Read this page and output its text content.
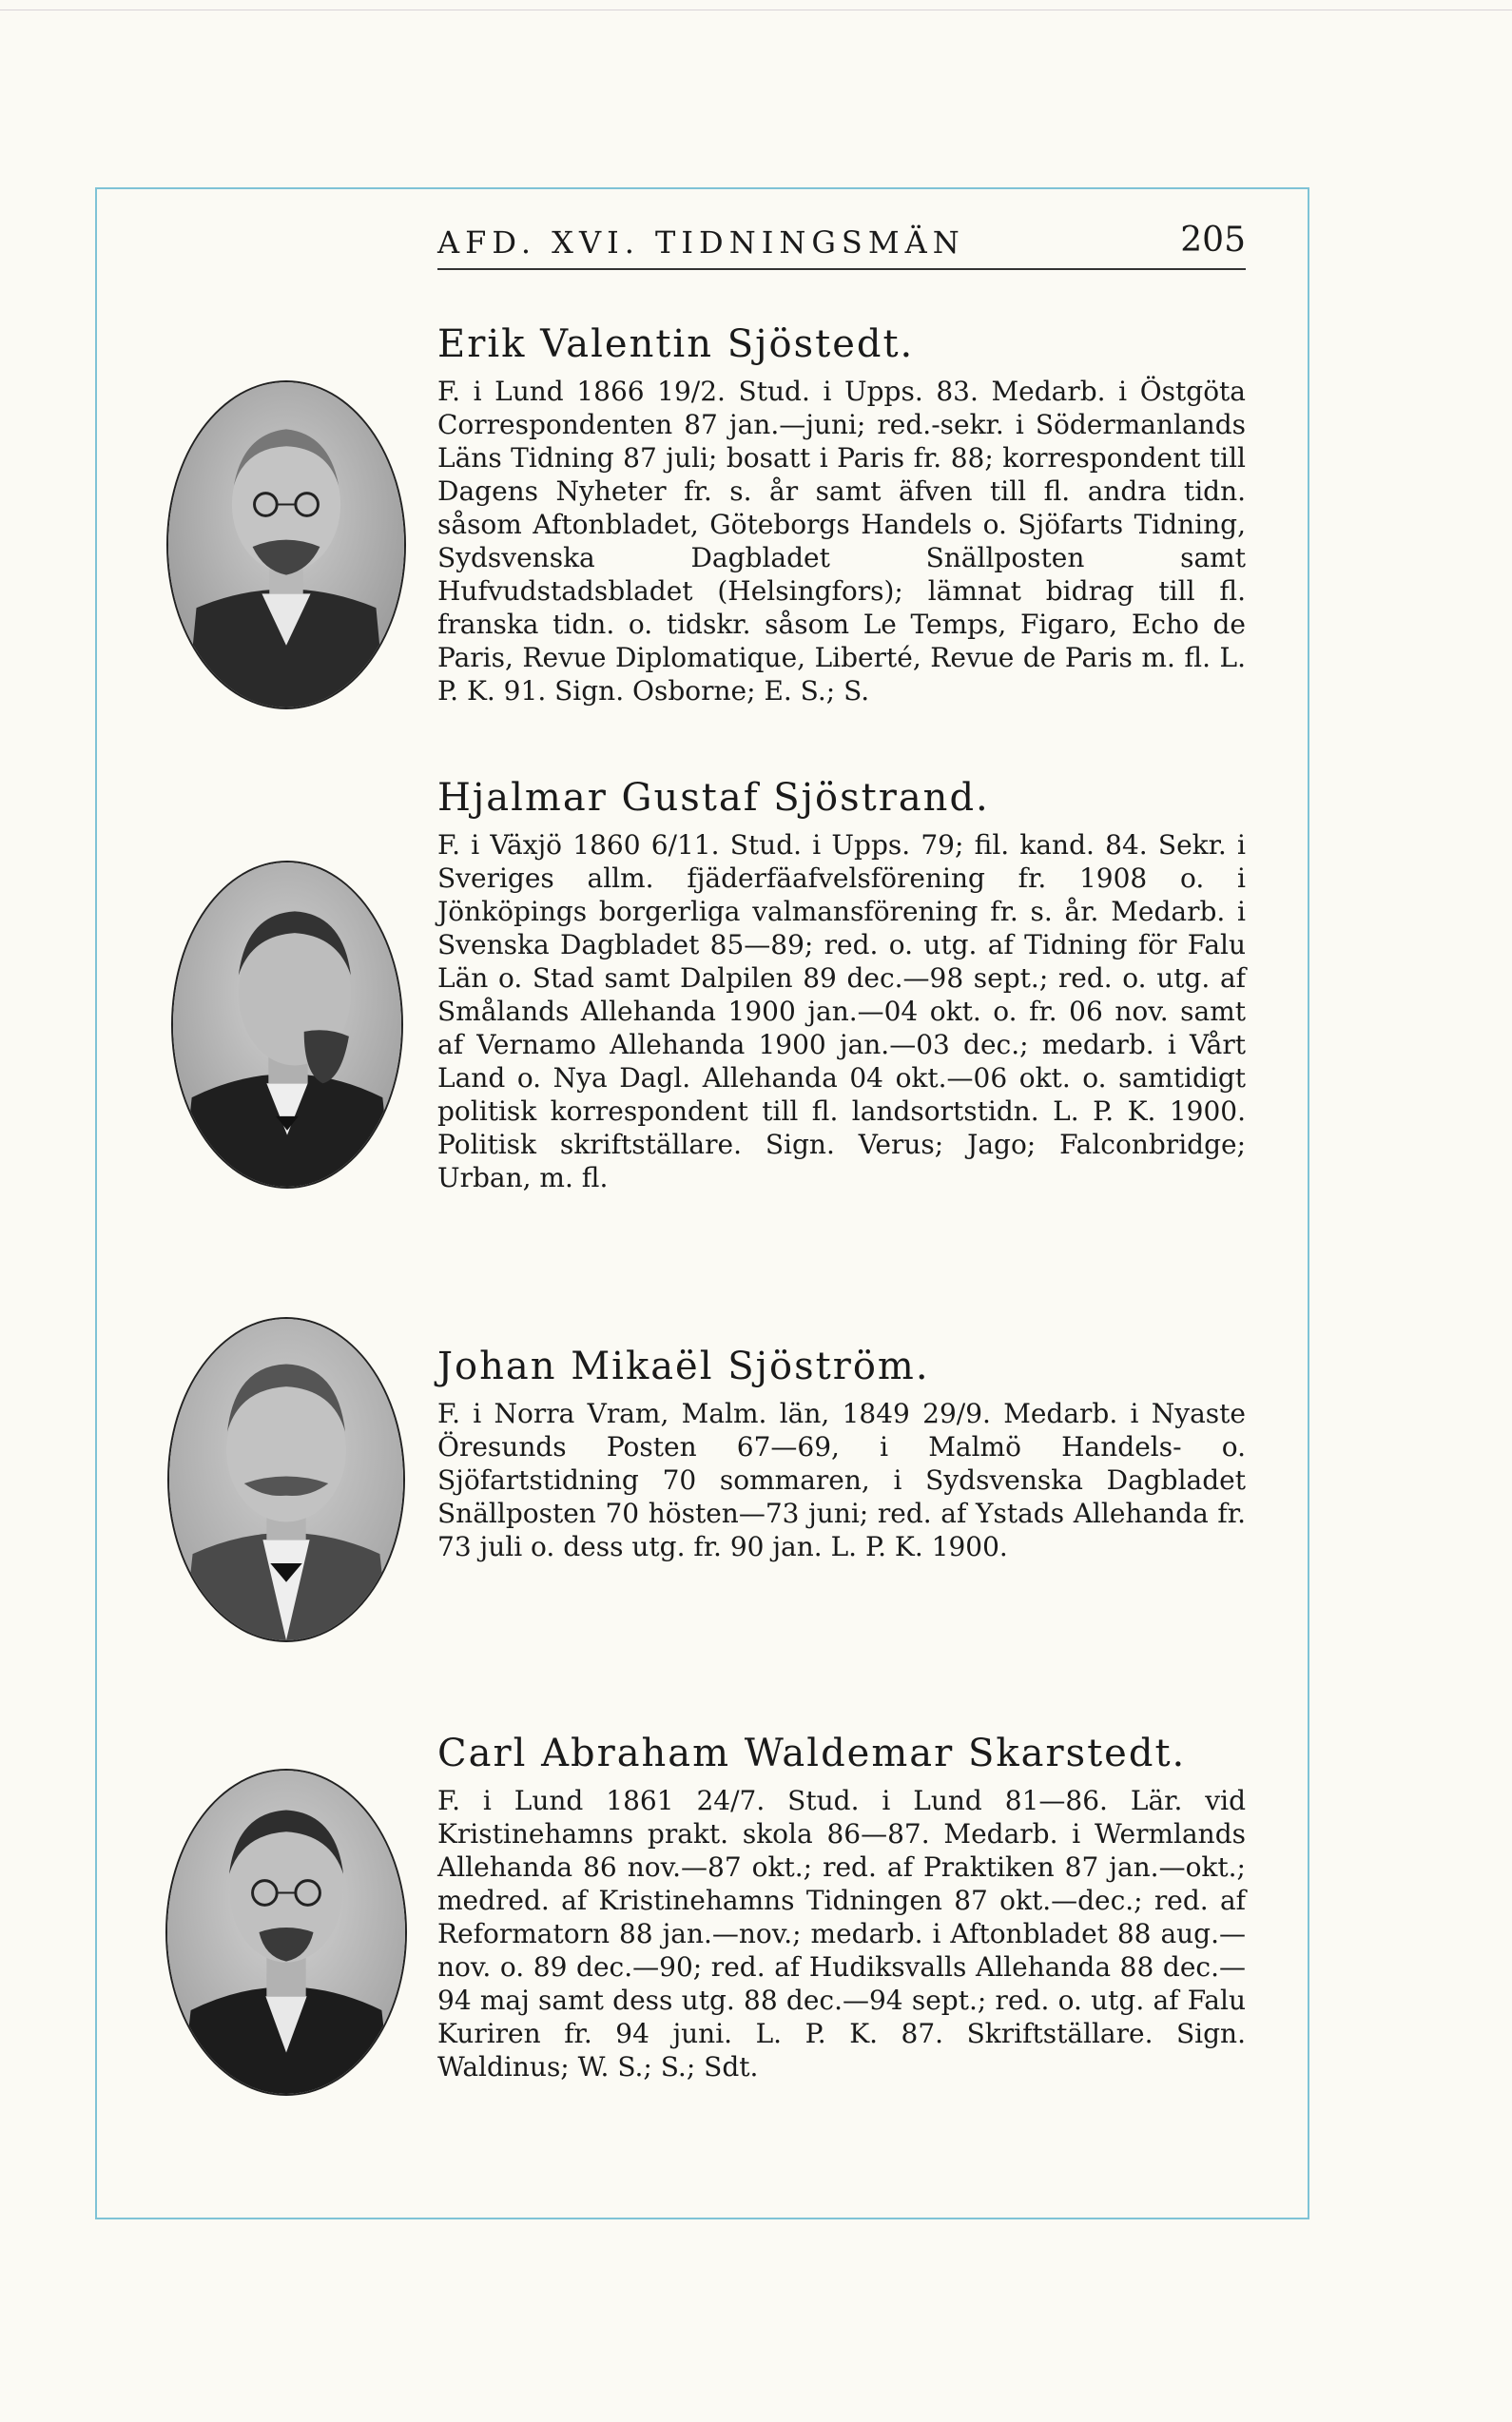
AFD. XVI. TIDNINGSMÄN	205
Erik Valentin Sjöstedt.
F. i Lund 1866 19/2. Stud. i Upps. 83. Medarb. i Östgöta Correspondenten 87 jan.—juni; red.-sekr. i Södermanlands Läns Tidning 87 juli; bosatt i Paris fr. 88; korrespondent till Dagens Nyheter fr. s. år samt äfven till fl. andra tidn. såsom Aftonbladet, Göteborgs Handels o. Sjöfarts Tidning, Sydsvenska Dagbladet Snällposten samt Hufvudstadsbladet (Helsingfors); lämnat bidrag till fl. franska tidn. o. tidskr. såsom Le Temps, Figaro, Echo de Paris, Revue Diplomatique, Liberté, Revue de Paris m. fl. L. P. K. 91. Sign. Osborne; E. S.; S.
Hjalmar Gustaf Sjöstrand.
F. i Växjö 1860 6/11. Stud. i Upps. 79; fil. kand. 84. Sekr. i Sveriges allm. fjäderfäafvelsförening fr. 1908 o. i Jönköpings borgerliga valmansförening fr. s. år. Medarb. i Svenska Dagbladet 85—89; red. o. utg. af Tidning för Falu Län o. Stad samt Dalpilen 89 dec.—98 sept.; red. o. utg. af Smålands Allehanda 1900 jan.—04 okt. o. fr. 06 nov. samt af Vernamo Allehanda 1900 jan.—03 dec.; medarb. i Vårt Land o. Nya Dagl. Allehanda 04 okt.—06 okt. o. samtidigt politisk korrespondent till fl. landsortstidn. L. P. K. 1900. Politisk skriftställare. Sign. Verus; Jago; Falconbridge; Urban, m. fl.
Johan Mikaël Sjöström.
F. i Norra Vram, Malm. län, 1849 29/9. Medarb. i Nyaste Öresunds Posten 67—69, i Malmö Handels- o. Sjöfartstidning 70 sommaren, i Sydsvenska Dagbladet Snällposten 70 hösten—73 juni; red. af Ystads Allehanda fr. 73 juli o. dess utg. fr. 90 jan. L. P. K. 1900.
Carl Abraham Waldemar Skarstedt.
F. i Lund 1861 24/7. Stud. i Lund 81—86. Lär. vid Kristinehamns prakt. skola 86—87. Medarb. i Wermlands Allehanda 86 nov.—87 okt.; red. af Praktiken 87 jan.—okt.; medred. af Kristinehamns Tidningen 87 okt.—dec.; red. af Reformatorn 88 jan.—nov.; medarb. i Aftonbladet 88 aug.—nov. o. 89 dec.—90; red. af Hudiksvalls Allehanda 88 dec.—94 maj samt dess utg. 88 dec.—94 sept.; red. o. utg. af Falu Kuriren fr. 94 juni. L. P. K. 87. Skriftställare. Sign. Waldinus; W. S.; S.; Sdt.
